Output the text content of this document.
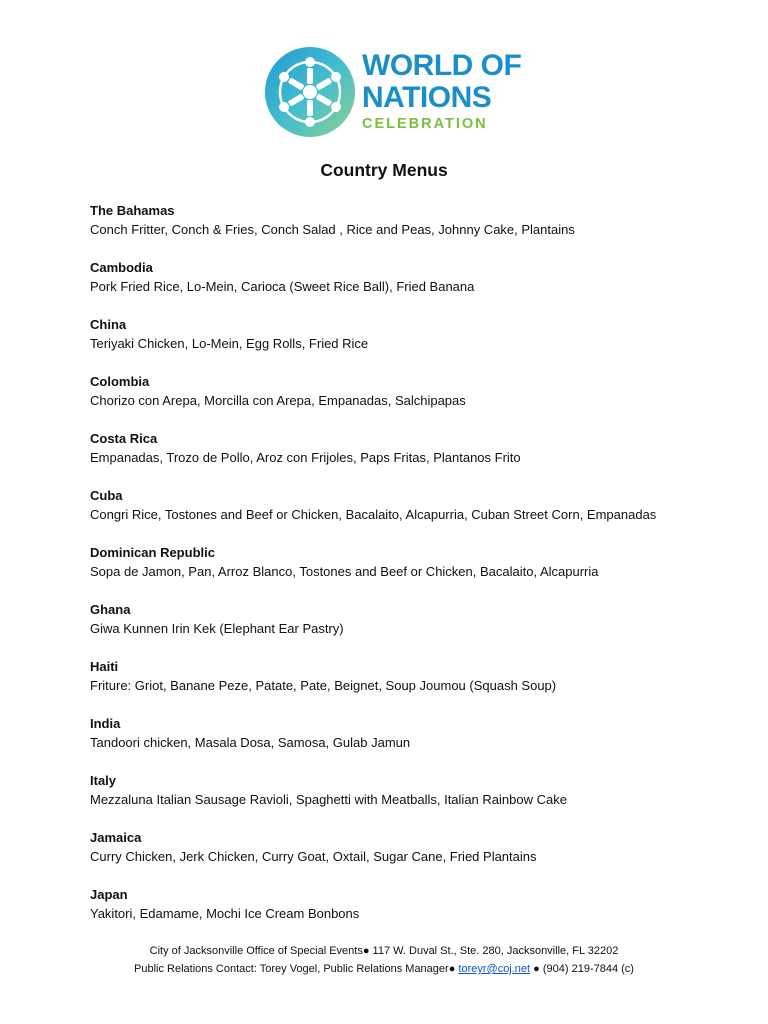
WORLD OF
NATIONS
CELEBRATION
Country Menus
The Bahamas
Conch Fritter, Conch & Fries, Conch Salad , Rice and Peas, Johnny Cake, Plantains
Cambodia
Pork Fried Rice, Lo-Mein, Carioca (Sweet Rice Ball), Fried Banana
China
Teriyaki Chicken, Lo-Mein, Egg Rolls, Fried Rice
Colombia
Chorizo con Arepa, Morcilla con Arepa, Empanadas, Salchipapas
Costa Rica
Empanadas, Trozo de Pollo, Aroz con Frijoles, Paps Fritas, Plantanos Frito
Cuba
Congri Rice, Tostones and Beef or Chicken, Bacalaito, Alcapurria, Cuban Street Corn, Empanadas
Dominican Republic
Sopa de Jamon, Pan, Arroz Blanco, Tostones and Beef or Chicken, Bacalaito, Alcapurria
Ghana
Giwa Kunnen Irin Kek (Elephant Ear Pastry)
Haiti
Friture: Griot, Banane Peze, Patate, Pate, Beignet, Soup Joumou (Squash Soup)
India
Tandoori chicken, Masala Dosa, Samosa, Gulab Jamun
Italy
Mezzaluna Italian Sausage Ravioli, Spaghetti with Meatballs, Italian Rainbow Cake
Jamaica
Curry Chicken, Jerk Chicken, Curry Goat, Oxtail, Sugar Cane, Fried Plantains
Japan
Yakitori, Edamame, Mochi Ice Cream Bonbons
City of Jacksonville Office of Special Events● 117 W. Duval St., Ste. 280, Jacksonville, FL 32202
Public Relations Contact: Torey Vogel, Public Relations Manager● toreyr@coj.net ● (904) 219-7844 (c)
